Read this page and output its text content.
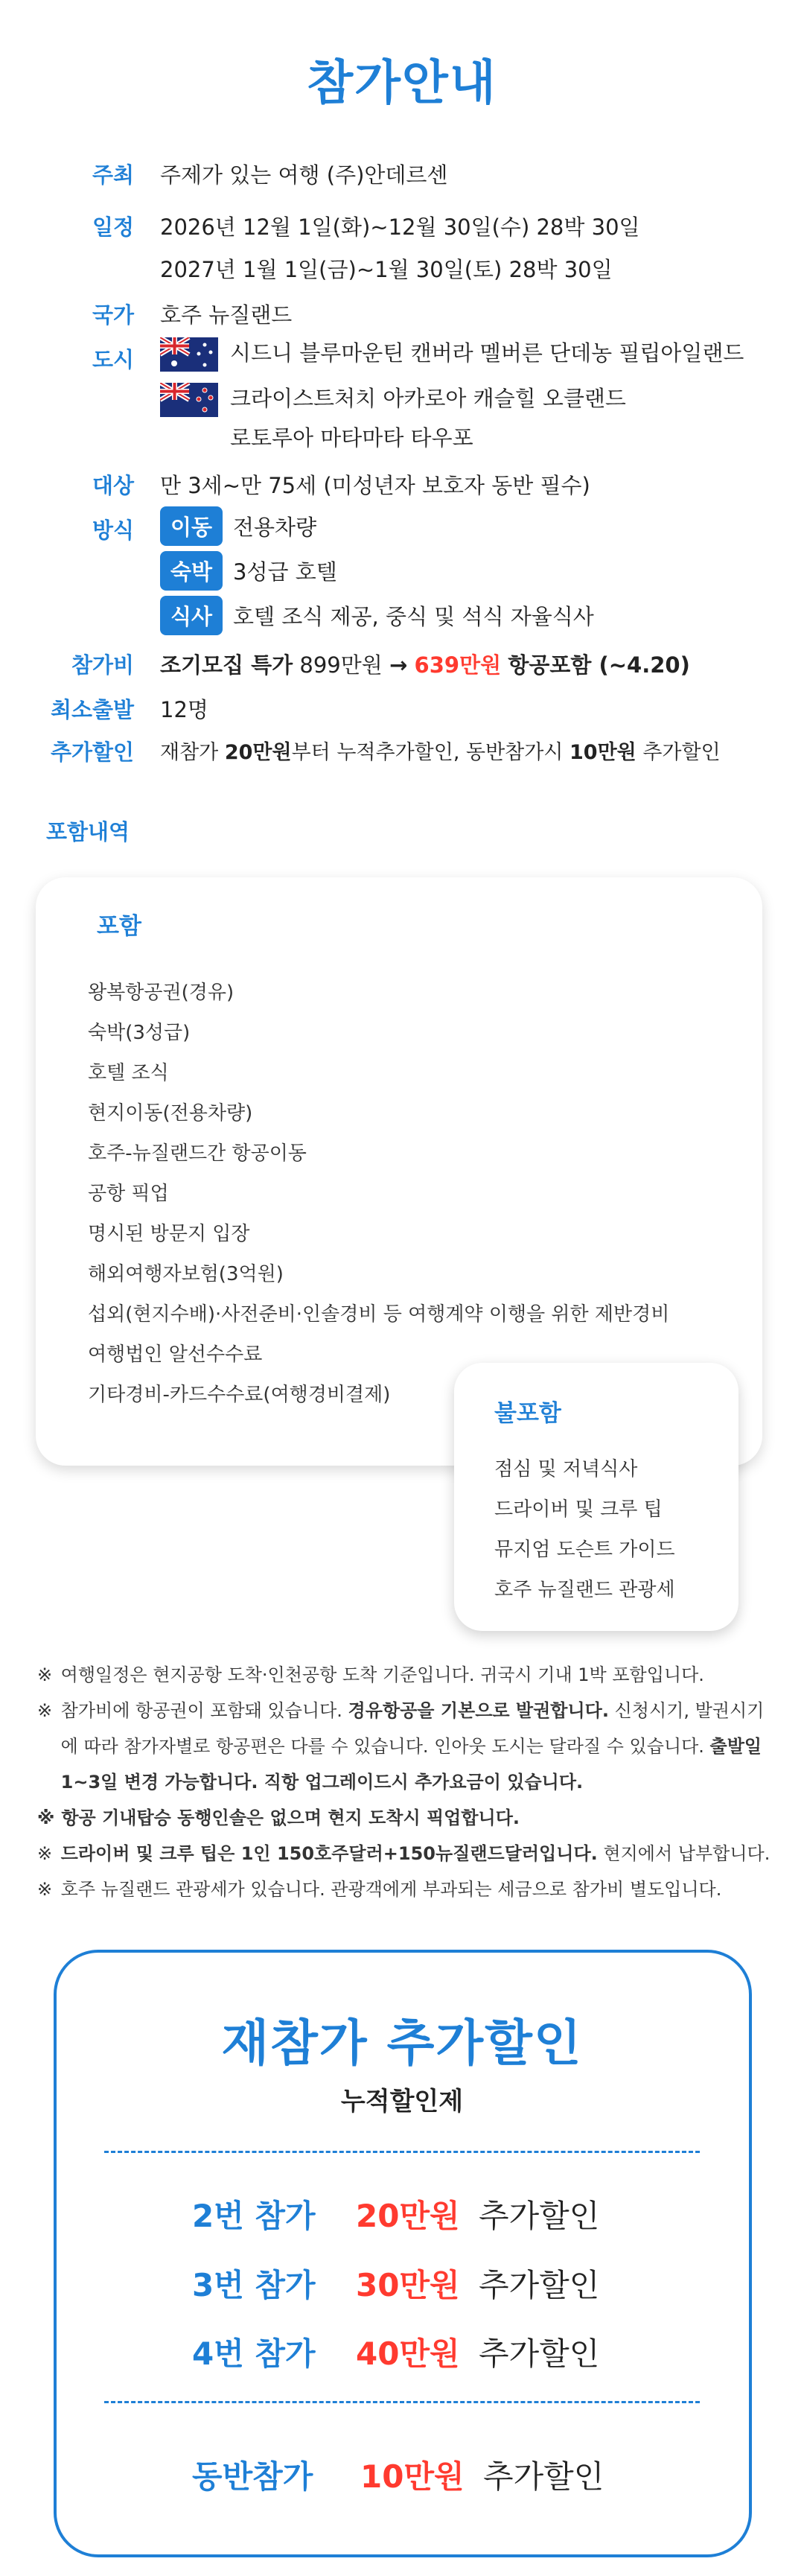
참가안내
주최 주제가 있는 여행 (주)안데르센
일정 2026년 12월 1일(화)~12월 30일(수) 28박 30일
2027년 1월 1일(금)~1월 30일(토) 28박 30일
국가 호주 뉴질랜드
도시	시드니 블루마운틴 캔버라 멜버른 단데농 필립아일랜드
크라이스트처치 아카로아 캐슬힐 오클랜드
로토루아 마타마타 타우포
대상 만 3세~만 75세 (미성년자 보호자 동반 필수)
방식	이동 전용차량
숙박 3성급 호텔
식사 호텔 조식 제공, 중식 및 석식 자율식사
참가비 조기모집 특가 899만원 → 639만원 항공포함 (~4.20)
최소출발 12명
추가할인 재참가 20만원부터 누적추가할인, 동반참가시 10만원 추가할인
포함내역
포함
왕복항공권(경유)
숙박(3성급)
호텔 조식
현지이동(전용차량)
호주-뉴질랜드간 항공이동
공항 픽업
명시된 방문지 입장
해외여행자보험(3억원)
섭외(현지수배)·사전준비·인솔경비 등 여행계약 이행을 위한 제반경비
여행법인 알선수수료
기타경비-카드수수료(여행경비결제)
불포함
점심 및 저녁식사
드라이버 및 크루 팁
뮤지엄 도슨트 가이드
호주 뉴질랜드 관광세
※ 여행일정은 현지공항 도착·인천공항 도착 기준입니다. 귀국시 기내 1박 포함입니다.
※ 참가비에 항공권이 포함돼 있습니다. 경유항공을 기본으로 발권합니다. 신청시기, 발권시기
에 따라 참가자별로 항공편은 다를 수 있습니다. 인아웃 도시는 달라질 수 있습니다. 출발일
1~3일 변경 가능합니다. 직항 업그레이드시 추가요금이 있습니다.
※ 항공 기내탑승 동행인솔은 없으며 현지 도착시 픽업합니다.
※ 드라이버 및 크루 팁은 1인 150호주달러+150뉴질랜드달러입니다. 현지에서 납부합니다.
※ 호주 뉴질랜드 관광세가 있습니다. 관광객에게 부과되는 세금으로 참가비 별도입니다.
재참가 추가할인
누적할인제
2번 참가 20만원 추가할인
3번 참가 30만원 추가할인
4번 참가 40만원 추가할인
동반참가 10만원 추가할인
